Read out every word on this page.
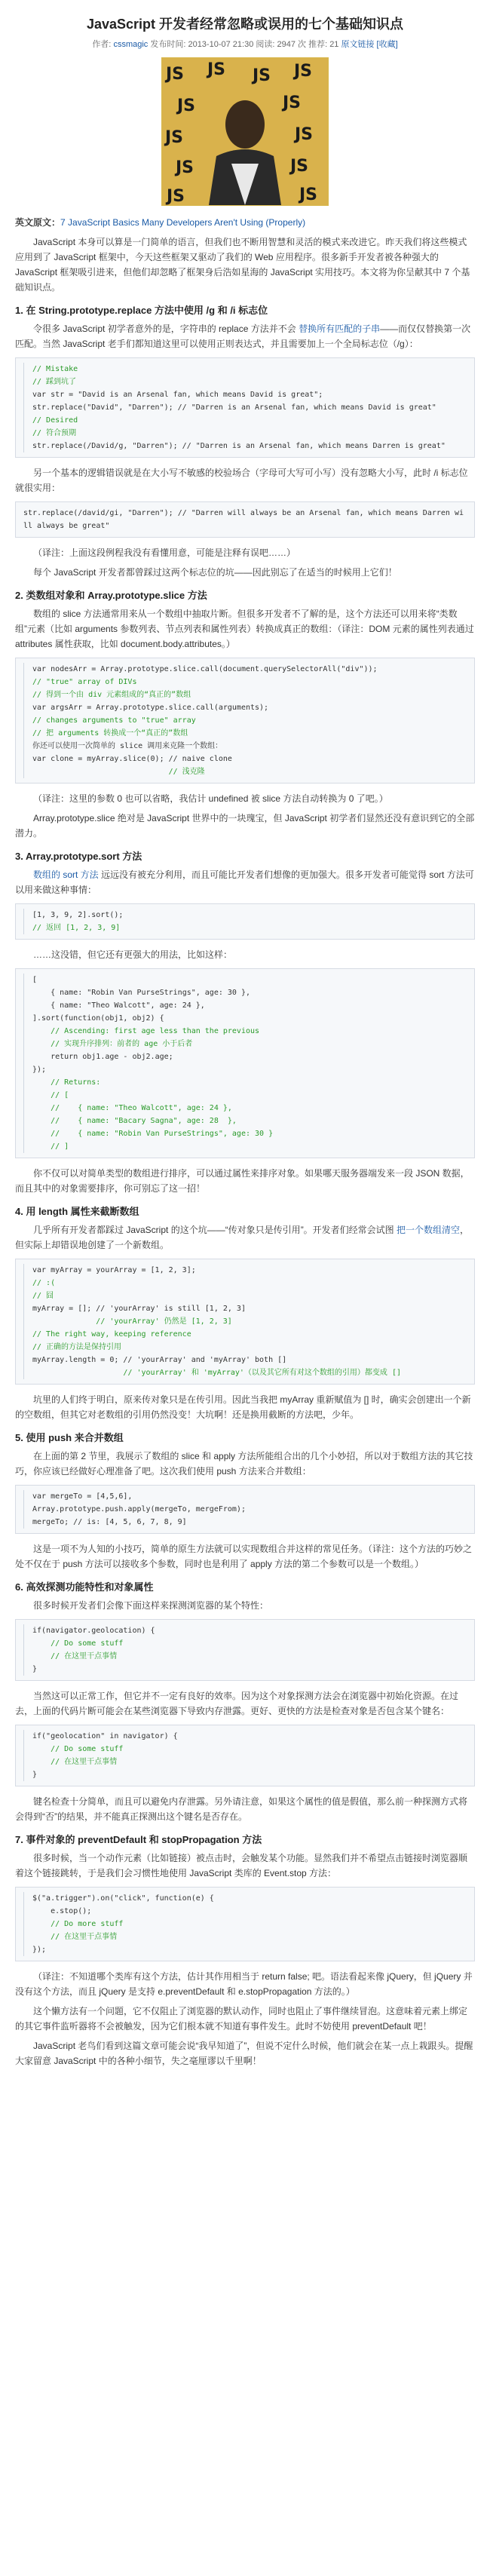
JavaScript 开发者经常忽略或误用的七个基础知识点
作者: cssmagic 发布时间: 2013-10-07 21:30 阅读: 2947 次 推荐: 21 原文链接 [收藏]
JS JS JS JS
JS	JS
JS	JS
JS	JS
JS	JS

英文原文：7 JavaScript Basics Many Developers Aren't Using (Properly)

JavaScript 本身可以算是一门简单的语言，但我们也不断用智慧和灵活的模式来改进它。昨天我们将这些模式应用到了 JavaScript 框架中，今天这些框架又驱动了我们的 Web 应用程序。很多新手开发者被各种强大的 JavaScript 框架吸引进来，但他们却忽略了框架身后浩如星海的 JavaScript 实用技巧。本文将为你呈献其中 7 个基础知识点。

1. 在 String.prototype.replace 方法中使用 /g 和 /i 标志位

令很多 JavaScript 初学者意外的是，字符串的 replace 方法并不会 替换所有匹配的子串——而仅仅替换第一次匹配。当然 JavaScript 老手们都知道这里可以使用正则表达式，并且需要加上一个全局标志位（/g）：

// Mistake
// 踩到坑了
var str = "David is an Arsenal fan, which means David is great";
str.replace("David", "Darren"); // "Darren is an Arsenal fan, which means David is great"
// Desired
// 符合预期
str.replace(/David/g, "Darren"); // "Darren is an Arsenal fan, which means Darren is great"

另一个基本的逻辑错误就是在大小写不敏感的校验场合（字母可大写可小写）没有忽略大小写，此时 /i 标志位就很实用：

str.replace(/david/gi, "Darren"); // "Darren will always be an Arsenal fan, which means Darren will always be great"

（译注：上面这段例程我没有看懂用意，可能是注释有误吧……）

每个 JavaScript 开发者都曾踩过这两个标志位的坑——因此别忘了在适当的时候用上它们！

2. 类数组对象和 Array.prototype.slice 方法

数组的 slice 方法通常用来从一个数组中抽取片断。但很多开发者不了解的是，这个方法还可以用来将“类数组”元素（比如 arguments 参数列表、节点列表和属性列表）转换成真正的数组：（译注：DOM 元素的属性列表通过 attributes 属性获取，比如 document.body.attributes。）

var nodesArr = Array.prototype.slice.call(document.querySelectorAll("div"));
// "true" array of DIVs
// 得到一个由 div 元素组成的“真正的”数组
var argsArr = Array.prototype.slice.call(arguments);
// changes arguments to "true" array
// 把 arguments 转换成一个“真正的”数组
你还可以使用一次简单的 slice 调用来克隆一个数组：
var clone = myArray.slice(0); // naive clone
// 浅克隆

（译注：这里的参数 0 也可以省略，我估计 undefined 被 slice 方法自动转换为 0 了吧。）

Array.prototype.slice 绝对是 JavaScript 世界中的一块瑰宝，但 JavaScript 初学者们显然还没有意识到它的全部潜力。

3. Array.prototype.sort 方法

数组的 sort 方法 远远没有被充分利用，而且可能比开发者们想像的更加强大。很多开发者可能觉得 sort 方法可以用来做这种事情：

[1, 3, 9, 2].sort();
// 返回 [1, 2, 3, 9]

……这没错，但它还有更强大的用法，比如这样：

[
{ name: "Robin Van PurseStrings", age: 30 },
{ name: "Theo Walcott", age: 24 },
].sort(function(obj1, obj2) {
// Ascending: first age less than the previous
// 实现升序排列：前者的 age 小于后者
return obj1.age - obj2.age;
});
// Returns:
// [
//    { name: "Theo Walcott", age: 24 },
//    { name: "Bacary Sagna", age: 28  },
//    { name: "Robin Van PurseStrings", age: 30 }
// ]

你不仅可以对简单类型的数组进行排序，可以通过属性来排序对象。如果哪天服务器端发来一段 JSON 数据，而且其中的对象需要排序，你可别忘了这一招！

4. 用 length 属性来截断数组

几乎所有开发者都踩过 JavaScript 的这个坑——“传对象只是传引用”。开发者们经常会试图 把一个数组清空，但实际上却错误地创建了一个新数组。

var myArray = yourArray = [1, 2, 3];
// :(
// 囧
myArray = []; // 'yourArray' is still [1, 2, 3]
// 'yourArray' 仍然是 [1, 2, 3]
// The right way, keeping reference
// 正确的方法是保持引用
myArray.length = 0; // 'yourArray' and 'myArray' both []
// 'yourArray' 和 'myArray'（以及其它所有对这个数组的引用）都变成 []

坑里的人们终于明白，原来传对象只是在传引用。因此当我把 myArray 重新赋值为 [] 时，确实会创建出一个新的空数组，但其它对老数组的引用仍然没变！大坑啊！还是换用截断的方法吧，少年。

5. 使用 push 来合并数组

在上面的第 2 节里，我展示了数组的 slice 和 apply 方法所能组合出的几个小妙招，所以对于数组方法的其它技巧，你应该已经做好心理准备了吧。这次我们使用 push 方法来合并数组：

var mergeTo = [4,5,6],
Array.prototype.push.apply(mergeTo, mergeFrom);
mergeTo; // is: [4, 5, 6, 7, 8, 9]

这是一项不为人知的小技巧，简单的原生方法就可以实现数组合并这样的常见任务。（译注：这个方法的巧妙之处不仅在于 push 方法可以接收多个参数，同时也是利用了 apply 方法的第二个参数可以是一个数组。）

6. 高效探测功能特性和对象属性

很多时候开发者们会像下面这样来探测浏览器的某个特性：

if(navigator.geolocation) {
// Do some stuff
// 在这里干点事情
}

当然这可以正常工作，但它并不一定有良好的效率。因为这个对象探测方法会在浏览器中初始化资源。在过去，上面的代码片断可能会在某些浏览器下导致内存泄露。更好、更快的方法是检查对象是否包含某个键名：

if("geolocation" in navigator) {
// Do some stuff
// 在这里干点事情
}

键名检查十分简单，而且可以避免内存泄露。另外请注意，如果这个属性的值是假值，那么前一种探测方式将会得到“否”的结果，并不能真正探测出这个键名是否存在。

7. 事件对象的 preventDefault 和 stopPropagation 方法

很多时候，当一个动作元素（比如链接）被点击时，会触发某个功能。显然我们并不希望点击链接时浏览器顺着这个链接跳转，于是我们会习惯性地使用 JavaScript 类库的 Event.stop 方法：

$("a.trigger").on("click", function(e) {
e.stop();
// Do more stuff
// 在这里干点事情
});

（译注：不知道哪个类库有这个方法，估计其作用相当于 return false; 吧。语法看起来像 jQuery，但 jQuery 并没有这个方法，而且 jQuery 是支持 e.preventDefault 和 e.stopPropagation 方法的。）

这个懒方法有一个问题，它不仅阻止了浏览器的默认动作，同时也阻止了事件继续冒泡。这意味着元素上绑定的其它事件监听器将不会被触发，因为它们根本就不知道有事件发生。此时不妨使用 preventDefault 吧！

JavaScript 老鸟们看到这篇文章可能会说“我早知道了”，但说不定什么时候，他们就会在某一点上栽跟头。提醒大家留意 JavaScript 中的各种小细节，失之毫厘谬以千里啊！
